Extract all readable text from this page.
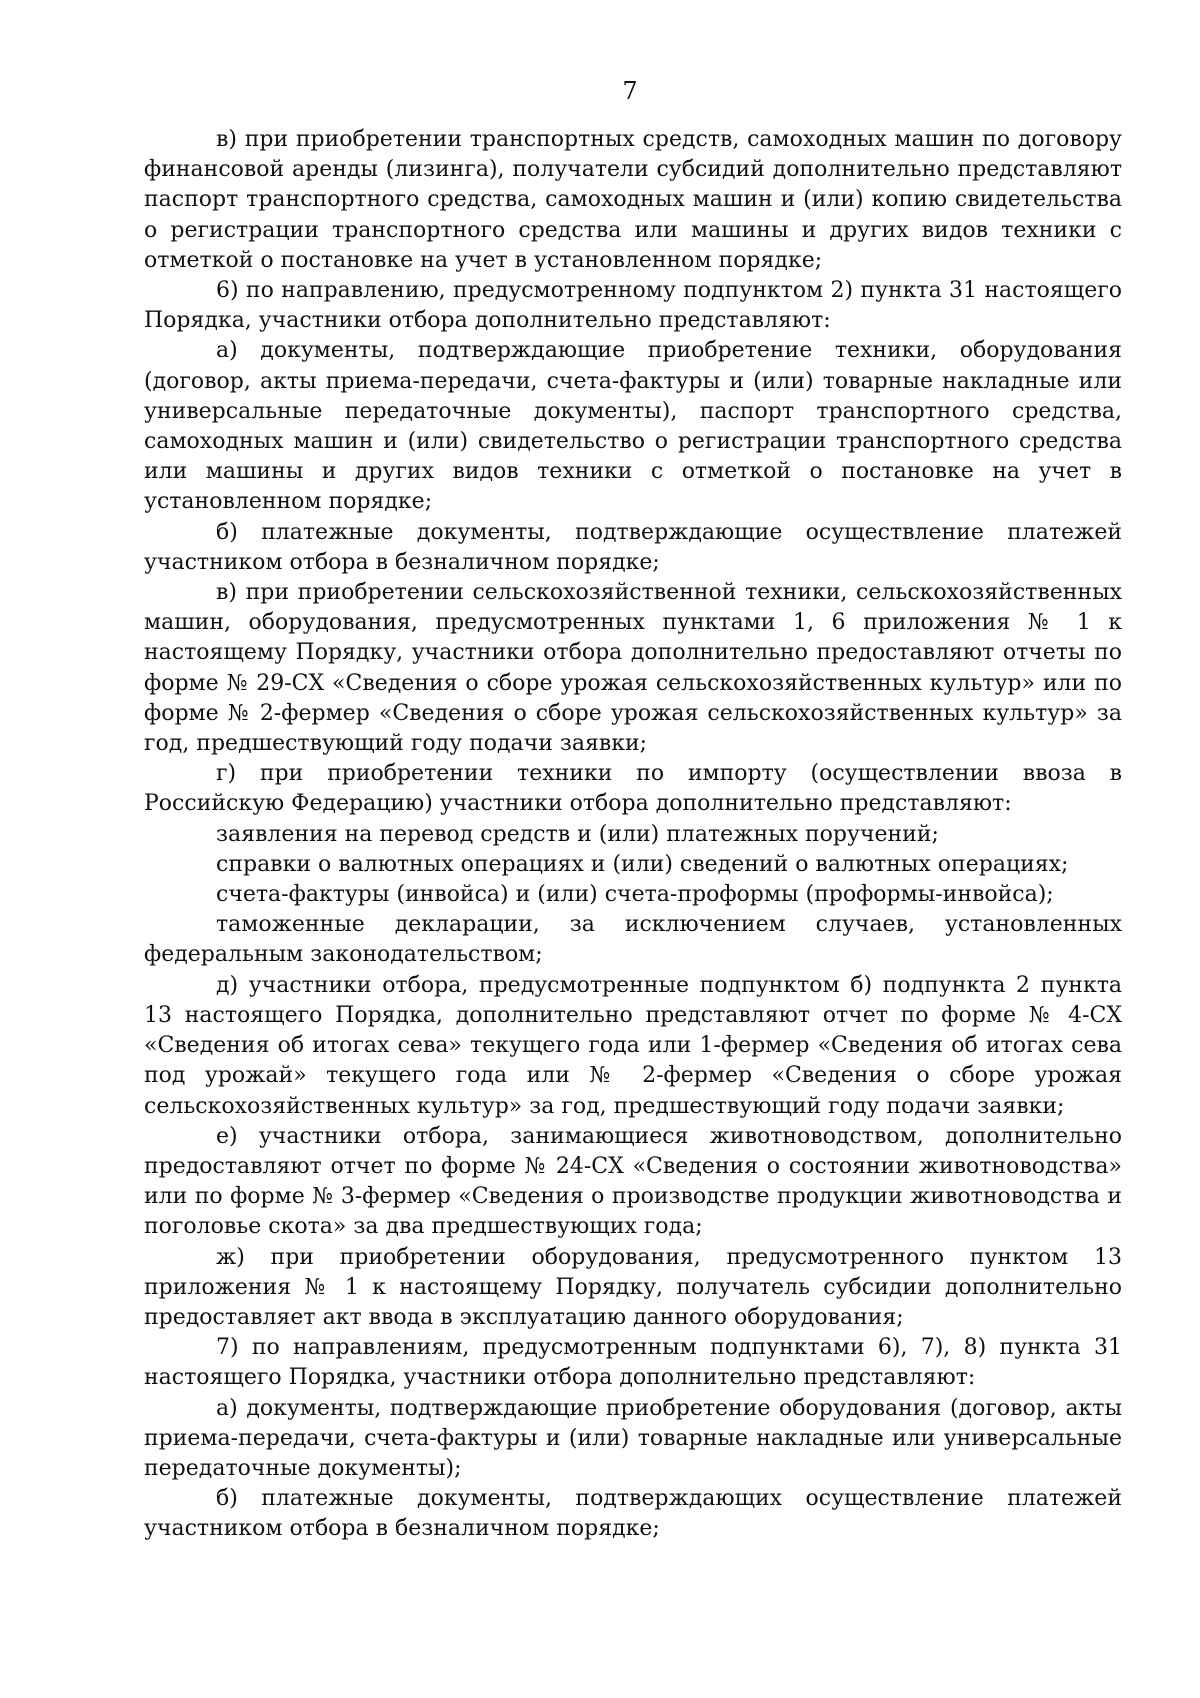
7

в) при приобретении транспортных средств, самоходных машин по договору финансовой аренды (лизинга), получатели субсидий дополнительно представляют паспорт транспортного средства, самоходных машин и (или) копию свидетельства о регистрации транспортного средства или машины и других видов техники с отметкой о постановке на учет в установленном порядке;

6) по направлению, предусмотренному подпунктом 2) пункта 31 настоящего Порядка, участники отбора дополнительно представляют:

а) документы, подтверждающие приобретение техники, оборудования (договор, акты приема-передачи, счета-фактуры и (или) товарные накладные или универсальные передаточные документы), паспорт транспортного средства, самоходных машин и (или) свидетельство о регистрации транспортного средства или машины и других видов техники с отметкой о постановке на учет в установленном порядке;

б) платежные документы, подтверждающие осуществление платежей участником отбора в безналичном порядке;

в) при приобретении сельскохозяйственной техники, сельскохозяйственных машин, оборудования, предусмотренных пунктами 1, 6 приложения № 1 к настоящему Порядку, участники отбора дополнительно предоставляют отчеты по форме № 29-СХ «Сведения о сборе урожая сельскохозяйственных культур» или по форме № 2-фермер «Сведения о сборе урожая сельскохозяйственных культур» за год, предшествующий году подачи заявки;

г) при приобретении техники по импорту (осуществлении ввоза в Российскую Федерацию) участники отбора дополнительно представляют:

заявления на перевод средств и (или) платежных поручений;

справки о валютных операциях и (или) сведений о валютных операциях;

счета-фактуры (инвойса) и (или) счета-проформы (проформы-инвойса);

таможенные декларации, за исключением случаев, установленных федеральным законодательством;

д) участники отбора, предусмотренные подпунктом б) подпункта 2 пункта 13 настоящего Порядка, дополнительно представляют отчет по форме № 4-СХ «Сведения об итогах сева» текущего года или 1-фермер «Сведения об итогах сева под урожай» текущего года или № 2-фермер «Сведения о сборе урожая сельскохозяйственных культур» за год, предшествующий году подачи заявки;

е) участники отбора, занимающиеся животноводством, дополнительно предоставляют отчет по форме № 24-СХ «Сведения о состоянии животноводства» или по форме № 3-фермер «Сведения о производстве продукции животноводства и поголовье скота» за два предшествующих года;

ж) при приобретении оборудования, предусмотренного пунктом 13 приложения № 1 к настоящему Порядку, получатель субсидии дополнительно предоставляет акт ввода в эксплуатацию данного оборудования;

7) по направлениям, предусмотренным подпунктами 6), 7), 8) пункта 31 настоящего Порядка, участники отбора дополнительно представляют:

а) документы, подтверждающие приобретение оборудования (договор, акты приема-передачи, счета-фактуры и (или) товарные накладные или универсальные передаточные документы);

б) платежные документы, подтверждающих осуществление платежей участником отбора в безналичном порядке;
